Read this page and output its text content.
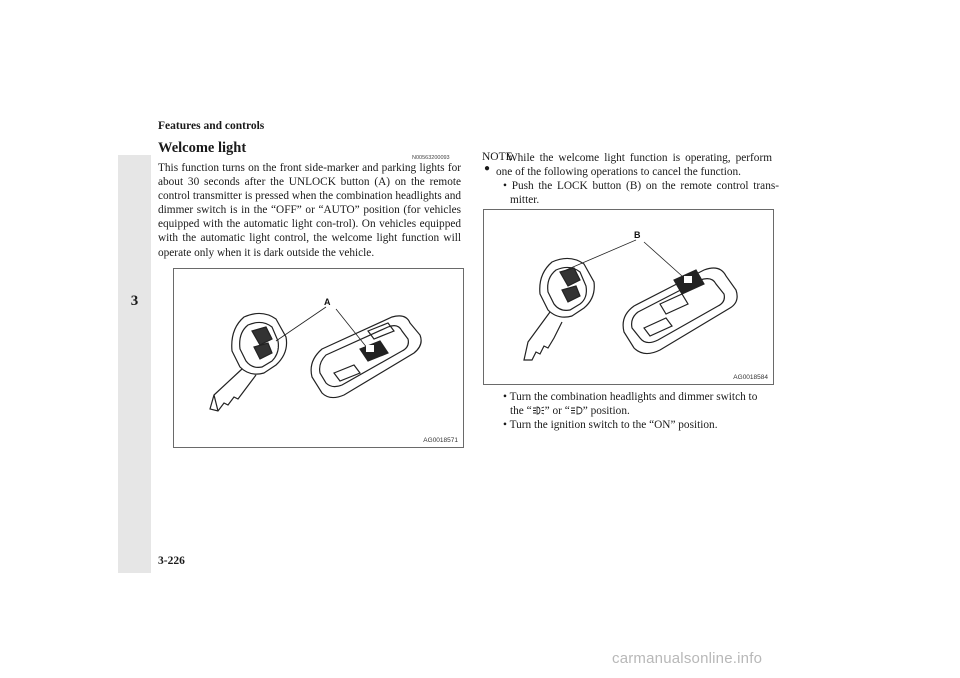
Features and controls
3
Welcome light
N00563200093
This function turns on the front side-marker and parking lights for about 30 seconds after the UNLOCK button (A) on the remote control transmitter is pressed when the combination headlights and dimmer switch is in the “OFF” or “AUTO” position (for vehicles equipped with the automatic light con-trol). On vehicles equipped with the automatic light control, the welcome light function will operate only when it is dark outside the vehicle.
A
AG0018571
NOTE
●
While the welcome light function is operating, perform one of the following operations to cancel the function.
• Push the LOCK button (B) on the remote control trans-mitter.
B
AG0018584
• Turn the combination headlights and dimmer switch to
the “ ” or “ ” position.
• Turn the ignition switch to the “ON” position.
3-226
carmanualsonline.info
